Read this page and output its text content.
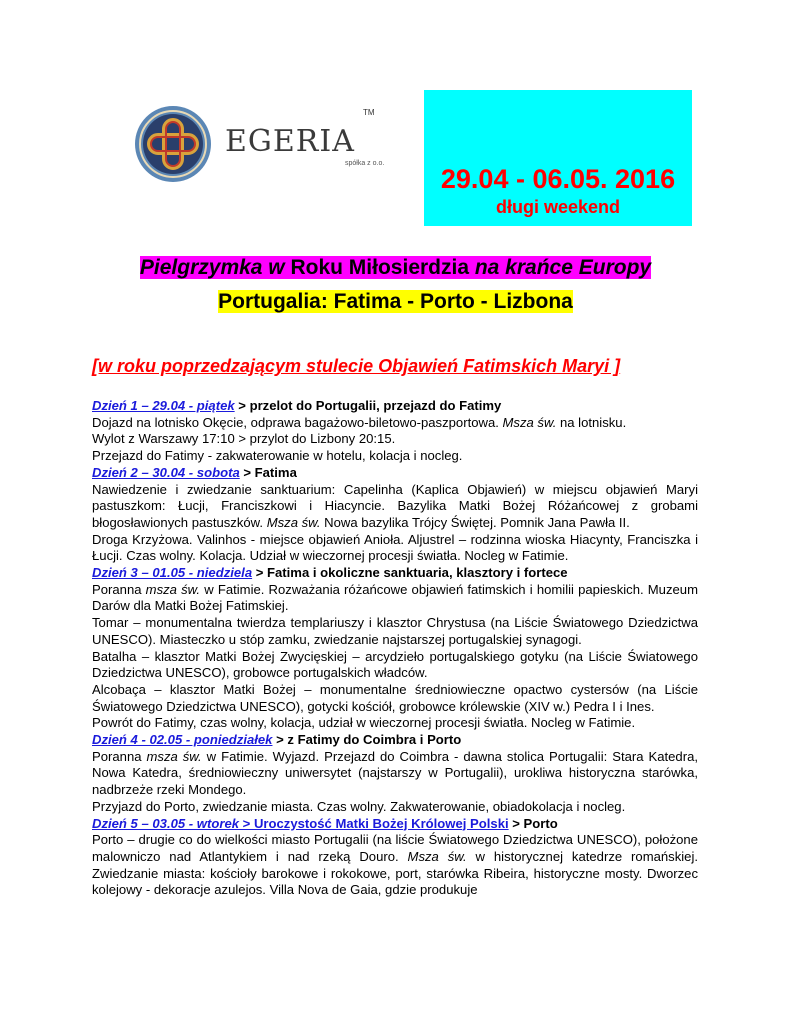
EGERIA
TM
spółka z o.o.
29.04 - 06.05. 2016
długi weekend
Pielgrzymka w Roku Miłosierdzia na krańce Europy
Portugalia: Fatima - Porto - Lizbona
[w roku poprzedzającym stulecie Objawień Fatimskich Maryi ]

Dzień 1 – 29.04 - piątek > przelot do Portugalii, przejazd do Fatimy

Dojazd na lotnisko Okęcie, odprawa bagażowo-biletowo-paszportowa. Msza św. na lotnisku.

Wylot z Warszawy 17:10 > przylot do Lizbony 20:15.

Przejazd do Fatimy - zakwaterowanie w hotelu, kolacja i nocleg.

Dzień 2 – 30.04 - sobota > Fatima

Nawiedzenie i zwiedzanie sanktuarium: Capelinha (Kaplica Objawień) w miejscu objawień Maryi pastuszkom: Łucji, Franciszkowi i Hiacyncie. Bazylika Matki Bożej Różańcowej z grobami błogosławionych pastuszków. Msza św. Nowa bazylika Trójcy Świętej. Pomnik Jana Pawła II.

Droga Krzyżowa. Valinhos - miejsce objawień Anioła. Aljustrel – rodzinna wioska Hiacynty, Franciszka i Łucji. Czas wolny. Kolacja. Udział w wieczornej procesji światła. Nocleg w Fatimie.

Dzień 3 – 01.05 - niedziela > Fatima i okoliczne sanktuaria, klasztory i fortece

Poranna msza św. w Fatimie. Rozważania różańcowe objawień fatimskich i homilii papieskich. Muzeum Darów dla Matki Bożej Fatimskiej.

Tomar – monumentalna twierdza templariuszy i klasztor Chrystusa (na Liście Światowego Dziedzictwa UNESCO). Miasteczko u stóp zamku, zwiedzanie najstarszej portugalskiej synagogi.

Batalha – klasztor Matki Bożej Zwycięskiej – arcydzieło portugalskiego gotyku (na Liście Światowego Dziedzictwa UNESCO), grobowce portugalskich władców.

Alcobaça – klasztor Matki Bożej – monumentalne średniowieczne opactwo cystersów (na Liście Światowego Dziedzictwa UNESCO), gotycki kościół, grobowce królewskie (XIV w.) Pedra I i Ines.

Powrót do Fatimy, czas wolny, kolacja, udział w wieczornej procesji światła. Nocleg w Fatimie.

Dzień 4 - 02.05 - poniedziałek > z Fatimy do Coimbra i Porto

Poranna msza św. w Fatimie. Wyjazd. Przejazd do Coimbra - dawna stolica Portugalii: Stara Katedra, Nowa Katedra, średniowieczny uniwersytet (najstarszy w Portugalii), urokliwa historyczna starówka, nadbrzeże rzeki Mondego.

Przyjazd do Porto, zwiedzanie miasta. Czas wolny. Zakwaterowanie, obiadokolacja i nocleg.

Dzień 5 – 03.05 - wtorek > Uroczystość Matki Bożej Królowej Polski > Porto

Porto – drugie co do wielkości miasto Portugalii (na liście Światowego Dziedzictwa UNESCO), położone malowniczo nad Atlantykiem i nad rzeką Douro. Msza św. w historycznej katedrze romańskiej. Zwiedzanie miasta: kościoły barokowe i rokokowe, port, starówka Ribeira, historyczne mosty. Dworzec kolejowy - dekoracje azulejos. Villa Nova de Gaia, gdzie produkuje
